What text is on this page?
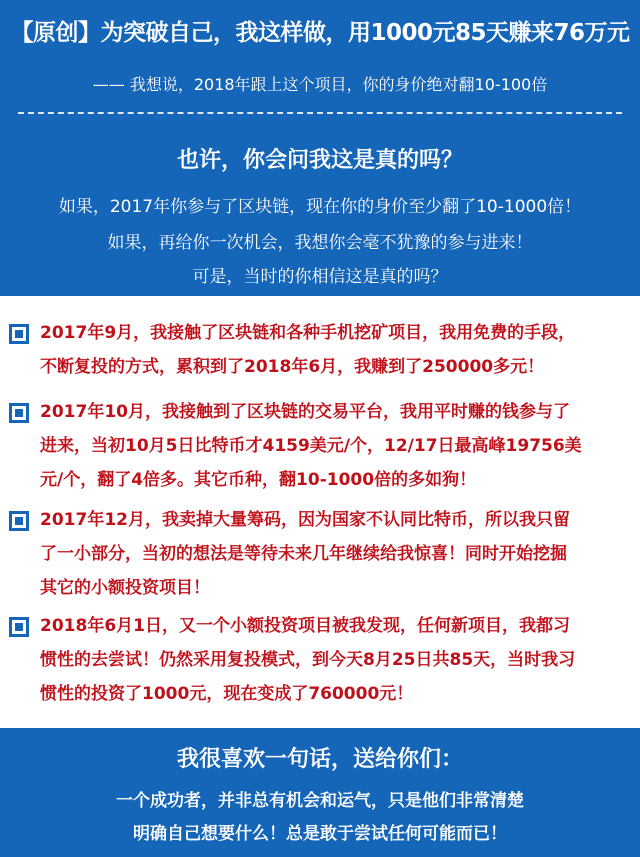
【原创】为突破自己，我这样做，用1000元85天赚来76万元
—— 我想说，2018年跟上这个项目，你的身价绝对翻10-100倍
也许，你会问我这是真的吗？
如果，2017年你参与了区块链，现在你的身价至少翻了10-1000倍！
如果，再给你一次机会，我想你会毫不犹豫的参与进来！
可是，当时的你相信这是真的吗？
2017年9月，我接触了区块链和各种手机挖矿项目，我用免费的手段，
不断复投的方式，累积到了2018年6月，我赚到了250000多元！
2017年10月，我接触到了区块链的交易平台，我用平时赚的钱参与了
进来，当初10月5日比特币才4159美元/个，12/17日最高峰19756美
元/个，翻了4倍多。其它币种，翻10-1000倍的多如狗！
2017年12月，我卖掉大量筹码，因为国家不认同比特币，所以我只留
了一小部分，当初的想法是等待未来几年继续给我惊喜！同时开始挖掘
其它的小额投资项目！
2018年6月1日，又一个小额投资项目被我发现，任何新项目，我都习
惯性的去尝试！仍然采用复投模式，到今天8月25日共85天，当时我习
惯性的投资了1000元，现在变成了760000元！
我很喜欢一句话，送给你们：
一个成功者，并非总有机会和运气，只是他们非常清楚
明确自己想要什么！总是敢于尝试任何可能而已！
